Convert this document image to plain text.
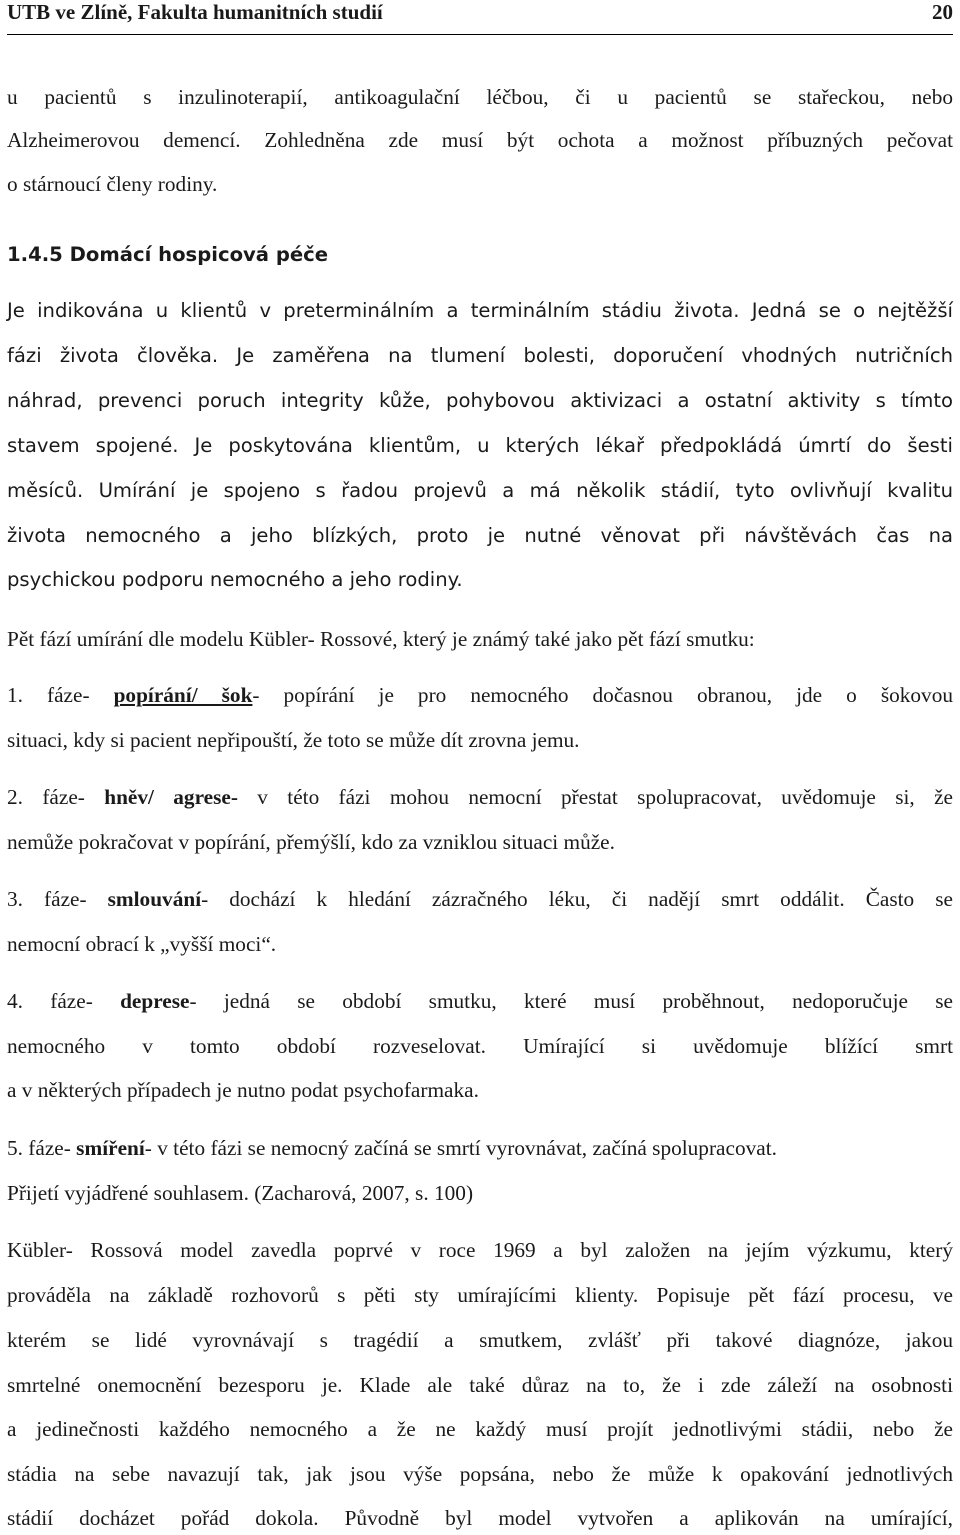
UTB ve Zlíně, Fakulta humanitních studií	20
u pacientů s inzulinoterapií, antikoagulační léčbou, či u pacientů se stařeckou, nebo
Alzheimerovou demencí. Zohledněna zde musí být ochota a možnost příbuzných pečovat
o stárnoucí členy rodiny.
1.4.5 Domácí hospicová péče
Je indikována u klientů v preterminálním a terminálním stádiu života. Jedná se o nejtěžší
fázi života člověka. Je zaměřena na tlumení bolesti, doporučení vhodných nutričních
náhrad, prevenci poruch integrity kůže, pohybovou aktivizaci a ostatní aktivity s tímto
stavem spojené. Je poskytována klientům, u kterých lékař předpokládá úmrtí do šesti
měsíců. Umírání je spojeno s řadou projevů a má několik stádií, tyto ovlivňují kvalitu
života nemocného a jeho blízkých, proto je nutné věnovat při návštěvách čas na
psychickou podporu nemocného a jeho rodiny.
Pět fází umírání dle modelu Kübler- Rossové, který je známý také jako pět fází smutku:
1. fáze- popírání/ šok- popírání je pro nemocného dočasnou obranou, jde o šokovou
situaci, kdy si pacient nepřipouští, že toto se může dít zrovna jemu.
2. fáze- hněv/ agrese- v této fázi mohou nemocní přestat spolupracovat, uvědomuje si, že
nemůže pokračovat v popírání, přemýšlí, kdo za vzniklou situaci může.
3. fáze- smlouvání- dochází k hledání zázračného léku, či nadějí smrt oddálit. Často se
nemocní obrací k „vyšší moci“.
4. fáze- deprese- jedná se období smutku, které musí proběhnout, nedoporučuje se
nemocného v tomto období rozveselovat. Umírající si uvědomuje blížící smrt
a v některých případech je nutno podat psychofarmaka.
5. fáze- smíření- v této fázi se nemocný začíná se smrtí vyrovnávat, začíná spolupracovat.
Přijetí vyjádřené souhlasem. (Zacharová, 2007, s. 100)
Kübler- Rossová model zavedla poprvé v roce 1969 a byl založen na jejím výzkumu, který
prováděla na základě rozhovorů s pěti sty umírajícími klienty. Popisuje pět fází procesu, ve
kterém se lidé vyrovnávají s tragédií a smutkem, zvlášť při takové diagnóze, jakou
smrtelné onemocnění bezesporu je. Klade ale také důraz na to, že i zde záleží na osobnosti
a jedinečnosti každého nemocného a že ne každý musí projít jednotlivými stádii, nebo že
stádia na sebe navazují tak, jak jsou výše popsána, nebo že může k opakování jednotlivých
stádií docházet pořád dokola. Původně byl model vytvořen a aplikován na umírající,
